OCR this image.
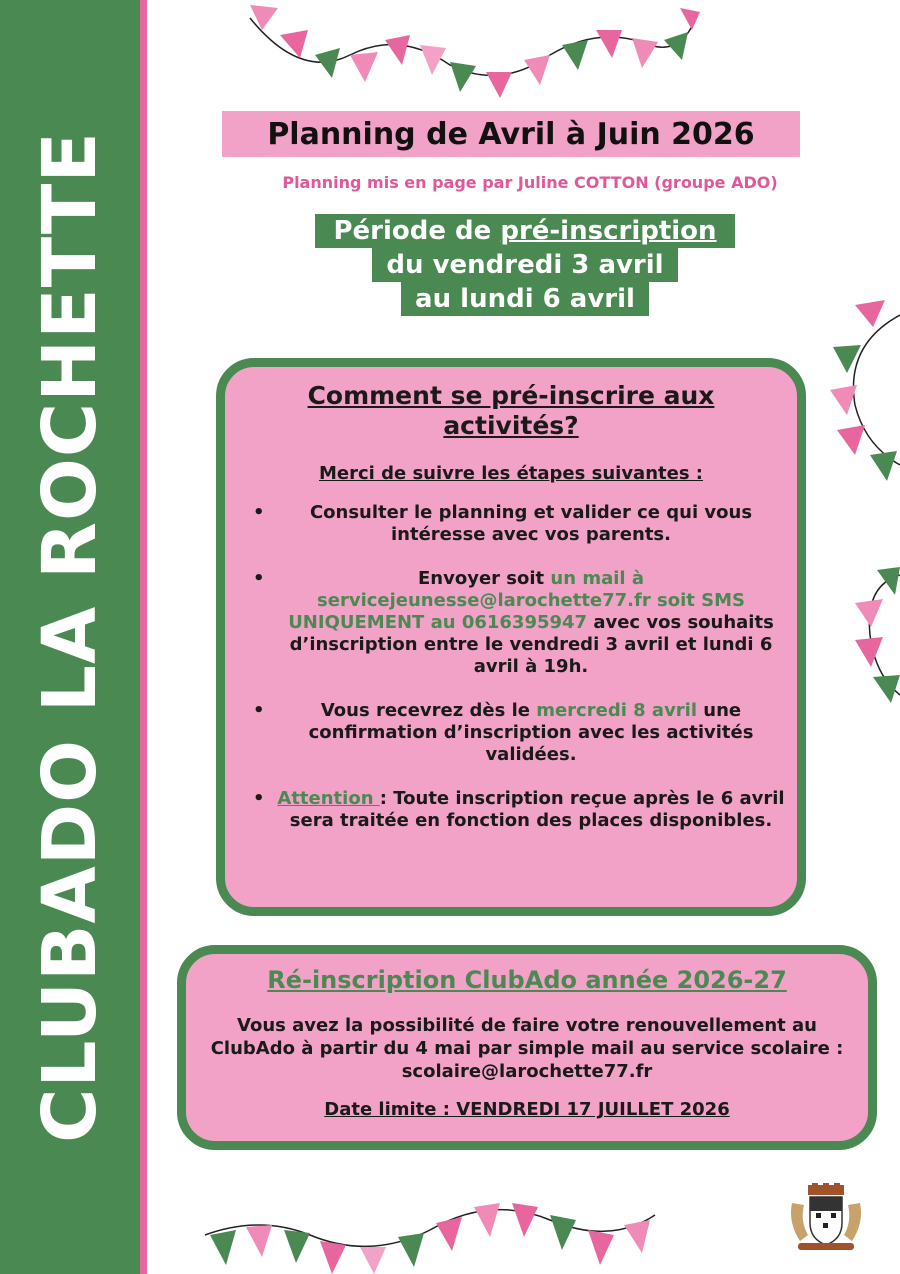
CLUBADO LA ROCHETTE	Planning de Avril à Juin 2026
Planning mis en page par Juline COTTON (groupe ADO)
Période de pré-inscription
du vendredi 3 avril
au lundi 6 avril
Comment se pré-inscrire aux
activités?
Merci de suivre les étapes suivantes :
•	Consulter le planning et valider ce qui vous intéresse avec vos parents.
•	Envoyer soit un mail à servicejeunesse@larochette77.fr soit SMS UNIQUEMENT au 0616395947 avec vos souhaits d’inscription entre le vendredi 3 avril et lundi 6 avril à 19h.
•	Vous recevrez dès le mercredi 8 avril une confirmation d’inscription avec les activités validées.
• Attention : Toute inscription reçue après le 6 avril sera traitée en fonction des places disponibles.
Ré-inscription ClubAdo année 2026-27
Vous avez la possibilité de faire votre renouvellement au ClubAdo à partir du 4 mai par simple mail au service scolaire : scolaire@larochette77.fr
Date limite : VENDREDI 17 JUILLET 2026
